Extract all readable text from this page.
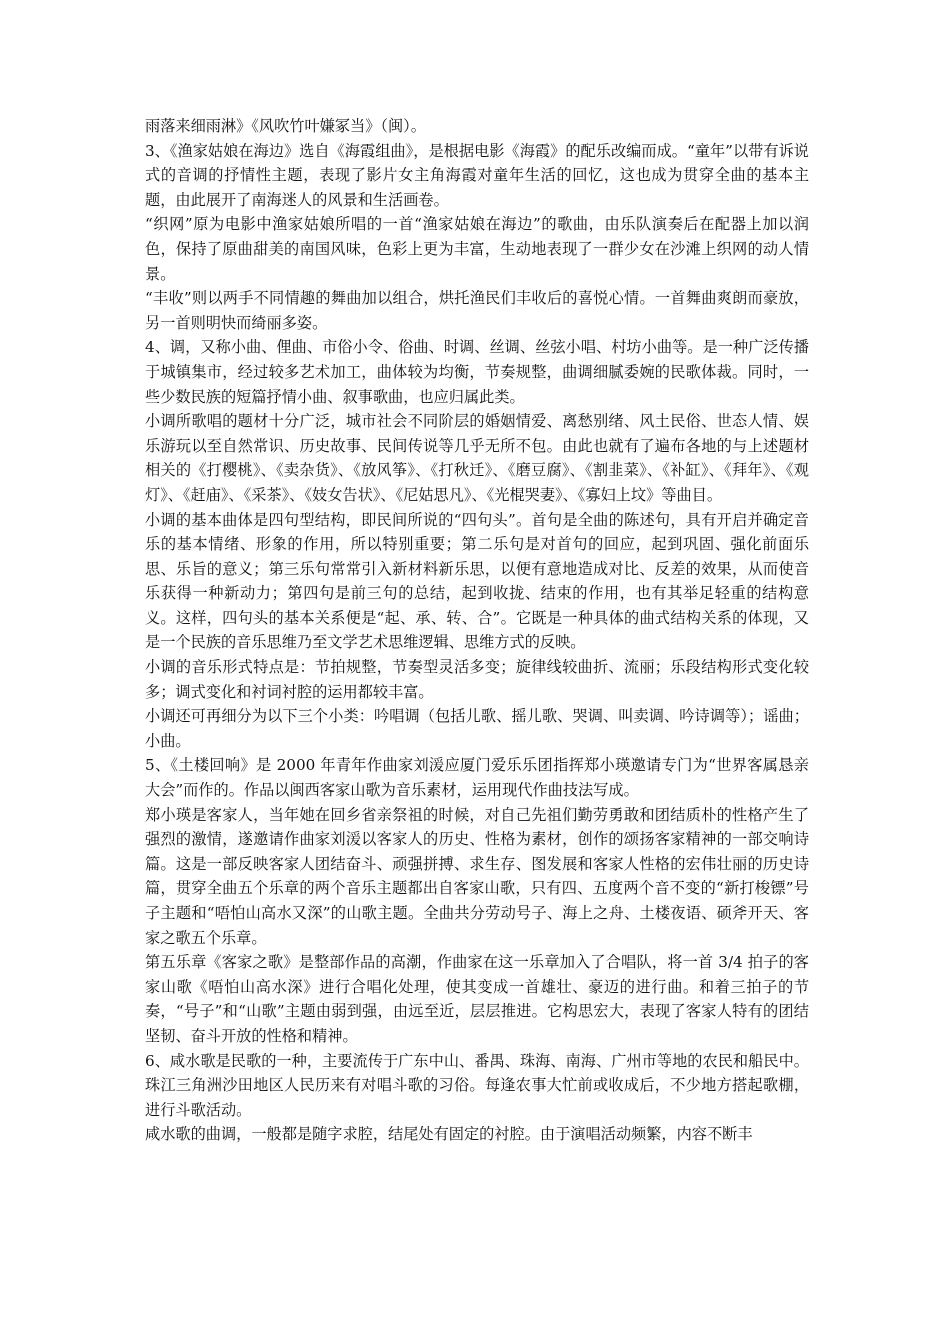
雨落来细雨淋》《风吹竹叶嫌冢当》（闽）。

3、《渔家姑娘在海边》选自《海霞组曲》，是根据电影《海霞》的配乐改编而成。“童年”以带有诉说式的音调的抒情性主题，表现了影片女主角海霞对童年生活的回忆，这也成为贯穿全曲的基本主题，由此展开了南海迷人的风景和生活画卷。

“织网”原为电影中渔家姑娘所唱的一首“渔家姑娘在海边”的歌曲，由乐队演奏后在配器上加以润色，保持了原曲甜美的南国风味，色彩上更为丰富，生动地表现了一群少女在沙滩上织网的动人情景。

“丰收”则以两手不同情趣的舞曲加以组合，烘托渔民们丰收后的喜悦心情。一首舞曲爽朗而豪放，另一首则明快而绮丽多姿。

4、调，又称小曲、俚曲、市俗小令、俗曲、时调、丝调、丝弦小唱、村坊小曲等。是一种广泛传播于城镇集市，经过较多艺术加工，曲体较为均衡，节奏规整，曲调细腻委婉的民歌体裁。同时，一些少数民族的短篇抒情小曲、叙事歌曲，也应归属此类。

小调所歌唱的题材十分广泛，城市社会不同阶层的婚姻情爱、离愁别绪、风土民俗、世态人情、娱乐游玩以至自然常识、历史故事、民间传说等几乎无所不包。由此也就有了遍布各地的与上述题材相关的《打樱桃》、《卖杂货》、《放风筝》、《打秋迁》、《磨豆腐》、《割韭菜》、《补缸》、《拜年》、《观灯》、《赶庙》、《采茶》、《妓女告状》、《尼姑思凡》、《光棍哭妻》、《寡妇上坟》等曲目。

小调的基本曲体是四句型结构，即民间所说的“四句头”。首句是全曲的陈述句，具有开启并确定音乐的基本情绪、形象的作用，所以特别重要；第二乐句是对首句的回应，起到巩固、强化前面乐思、乐旨的意义；第三乐句常常引入新材料新乐思，以便有意地造成对比、反差的效果，从而使音乐获得一种新动力；第四句是前三句的总结，起到收拢、结束的作用，也有其举足轻重的结构意义。这样，四句头的基本关系便是“起、承、转、合”。它既是一种具体的曲式结构关系的体现，又是一个民族的音乐思维乃至文学艺术思维逻辑、思维方式的反映。

小调的音乐形式特点是：节拍规整，节奏型灵活多变；旋律线较曲折、流丽；乐段结构形式变化较多；调式变化和衬词衬腔的运用都较丰富。

小调还可再细分为以下三个小类：吟唱调（包括儿歌、摇儿歌、哭调、叫卖调、吟诗调等）；谣曲；小曲。

5、《土楼回响》是 2000 年青年作曲家刘湲应厦门爱乐乐团指挥郑小瑛邀请专门为“世界客属恳亲大会”而作的。作品以闽西客家山歌为音乐素材，运用现代作曲技法写成。

郑小瑛是客家人，当年她在回乡省亲祭祖的时候，对自己先祖们勤劳勇敢和团结质朴的性格产生了强烈的激情，遂邀请作曲家刘湲以客家人的历史、性格为素材，创作的颂扬客家精神的一部交响诗篇。这是一部反映客家人团结奋斗、顽强拼搏、求生存、图发展和客家人性格的宏伟壮丽的历史诗篇，贯穿全曲五个乐章的两个音乐主题都出自客家山歌，只有四、五度两个音不变的“新打梭镖”号子主题和“唔怕山高水又深”的山歌主题。全曲共分劳动号子、海上之舟、土楼夜语、硕斧开天、客家之歌五个乐章。

第五乐章《客家之歌》是整部作品的高潮，作曲家在这一乐章加入了合唱队，将一首 3/4 拍子的客家山歌《唔怕山高水深》进行合唱化处理，使其变成一首雄壮、豪迈的进行曲。和着三拍子的节奏，“号子”和“山歌”主题由弱到强，由远至近，层层推进。它构思宏大，表现了客家人特有的团结坚韧、奋斗开放的性格和精神。

6、咸水歌是民歌的一种，主要流传于广东中山、番禺、珠海、南海、广州市等地的农民和船民中。珠江三角洲沙田地区人民历来有对唱斗歌的习俗。每逢农事大忙前或收成后，不少地方搭起歌棚，进行斗歌活动。

咸水歌的曲调，一般都是随字求腔，结尾处有固定的衬腔。由于演唱活动频繁，内容不断丰
